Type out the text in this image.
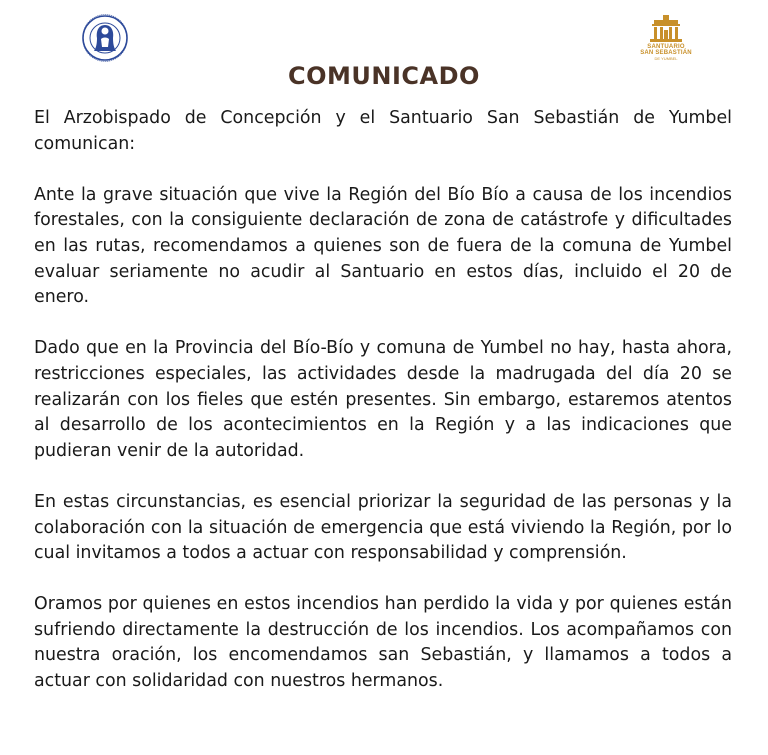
SANTUARIO
SAN SEBASTIÁN
DE YUMBEL
COMUNICADO

El Arzobispado de Concepción y el Santuario San Sebastián de Yumbel comunican:

Ante la grave situación que vive la Región del Bío Bío a causa de los incendios forestales, con la consiguiente declaración de zona de catástrofe y dificultades en las rutas, recomendamos a quienes son de fuera de la comuna de Yumbel evaluar seriamente no acudir al Santuario en estos días, incluido el 20 de enero.

Dado que en la Provincia del Bío-Bío y comuna de Yumbel no hay, hasta ahora, restricciones especiales, las actividades desde la madrugada del día 20 se realizarán con los fieles que estén presentes. Sin embargo, estaremos atentos al desarrollo de los acontecimientos en la Región y a las indicaciones que pudieran venir de la autoridad.

En estas circunstancias, es esencial priorizar la seguridad de las personas y la colaboración con la situación de emergencia que está viviendo la Región, por lo cual invitamos a todos a actuar con responsabilidad y comprensión.

Oramos por quienes en estos incendios han perdido la vida y por quienes están sufriendo directamente la destrucción de los incendios. Los acompañamos con nuestra oración, los encomendamos san Sebastián, y llamamos a todos a actuar con solidaridad con nuestros hermanos.
